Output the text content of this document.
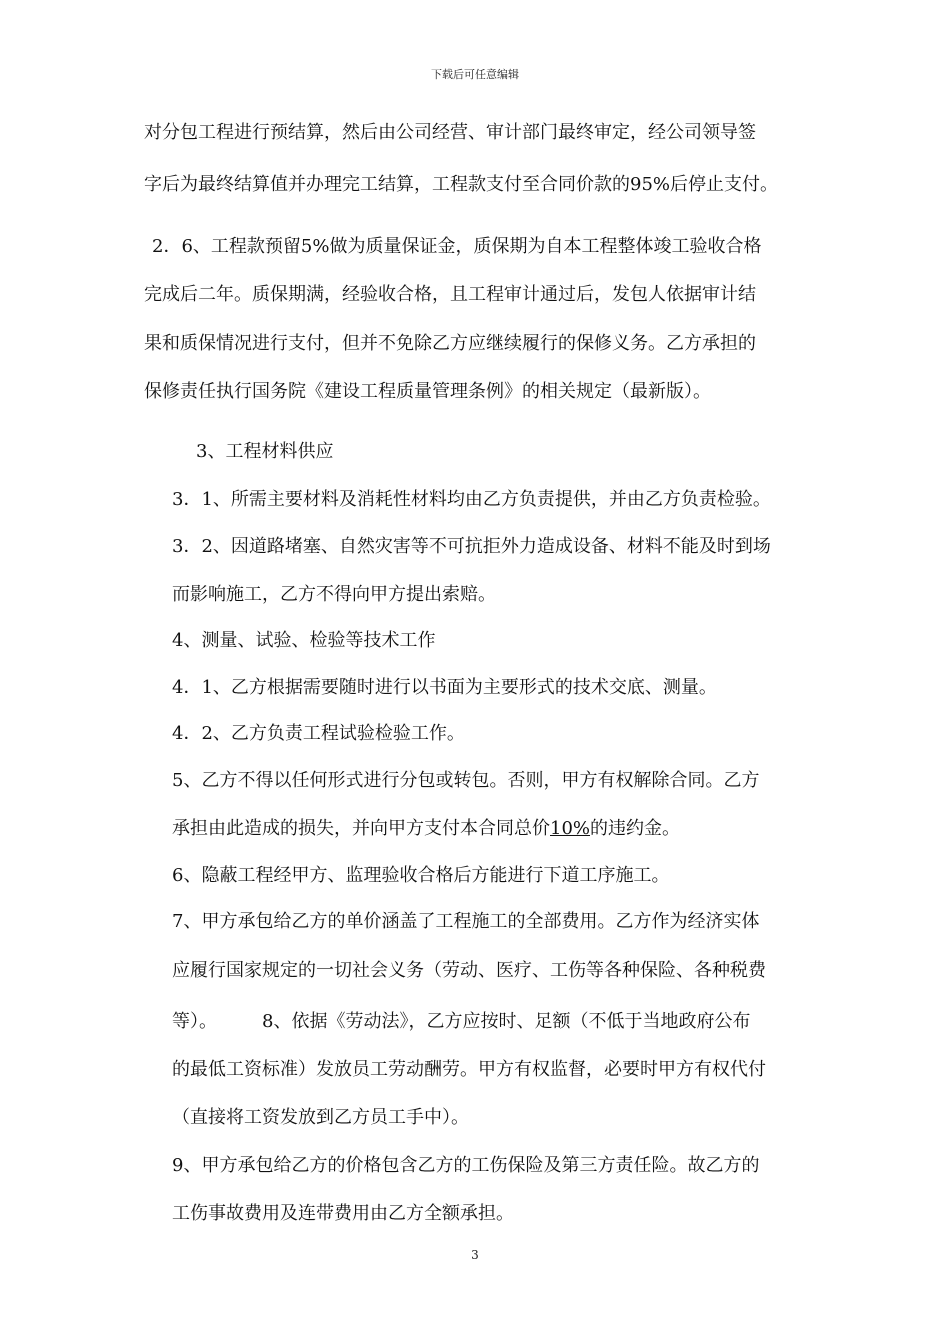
下载后可任意编辑
对分包工程进行预结算，然后由公司经营、审计部门最终审定，经公司领导签
字后为最终结算值并办理完工结算，工程款支付至合同价款的95%后停止支付。
2．6、工程款预留5%做为质量保证金，质保期为自本工程整体竣工验收合格
完成后二年。质保期满，经验收合格，且工程审计通过后，发包人依据审计结
果和质保情况进行支付，但并不免除乙方应继续履行的保修义务。乙方承担的
保修责任执行国务院《建设工程质量管理条例》的相关规定（最新版）。
3、工程材料供应
3．1、所需主要材料及消耗性材料均由乙方负责提供，并由乙方负责检验。
3．2、因道路堵塞、自然灾害等不可抗拒外力造成设备、材料不能及时到场
而影响施工，乙方不得向甲方提出索赔。
4、测量、试验、检验等技术工作
4．1、乙方根据需要随时进行以书面为主要形式的技术交底、测量。
4．2、乙方负责工程试验检验工作。
5、乙方不得以任何形式进行分包或转包。否则，甲方有权解除合同。乙方
承担由此造成的损失，并向甲方支付本合同总价10%的违约金。
6、隐蔽工程经甲方、监理验收合格后方能进行下道工序施工。
7、甲方承包给乙方的单价涵盖了工程施工的全部费用。乙方作为经济实体
应履行国家规定的一切社会义务（劳动、医疗、工伤等各种保险、各种税费
等）。　　　8、依据《劳动法》，乙方应按时、足额（不低于当地政府公布
的最低工资标准）发放员工劳动酬劳。甲方有权监督，必要时甲方有权代付
（直接将工资发放到乙方员工手中）。
9、甲方承包给乙方的价格包含乙方的工伤保险及第三方责任险。故乙方的
工伤事故费用及连带费用由乙方全额承担。
3
